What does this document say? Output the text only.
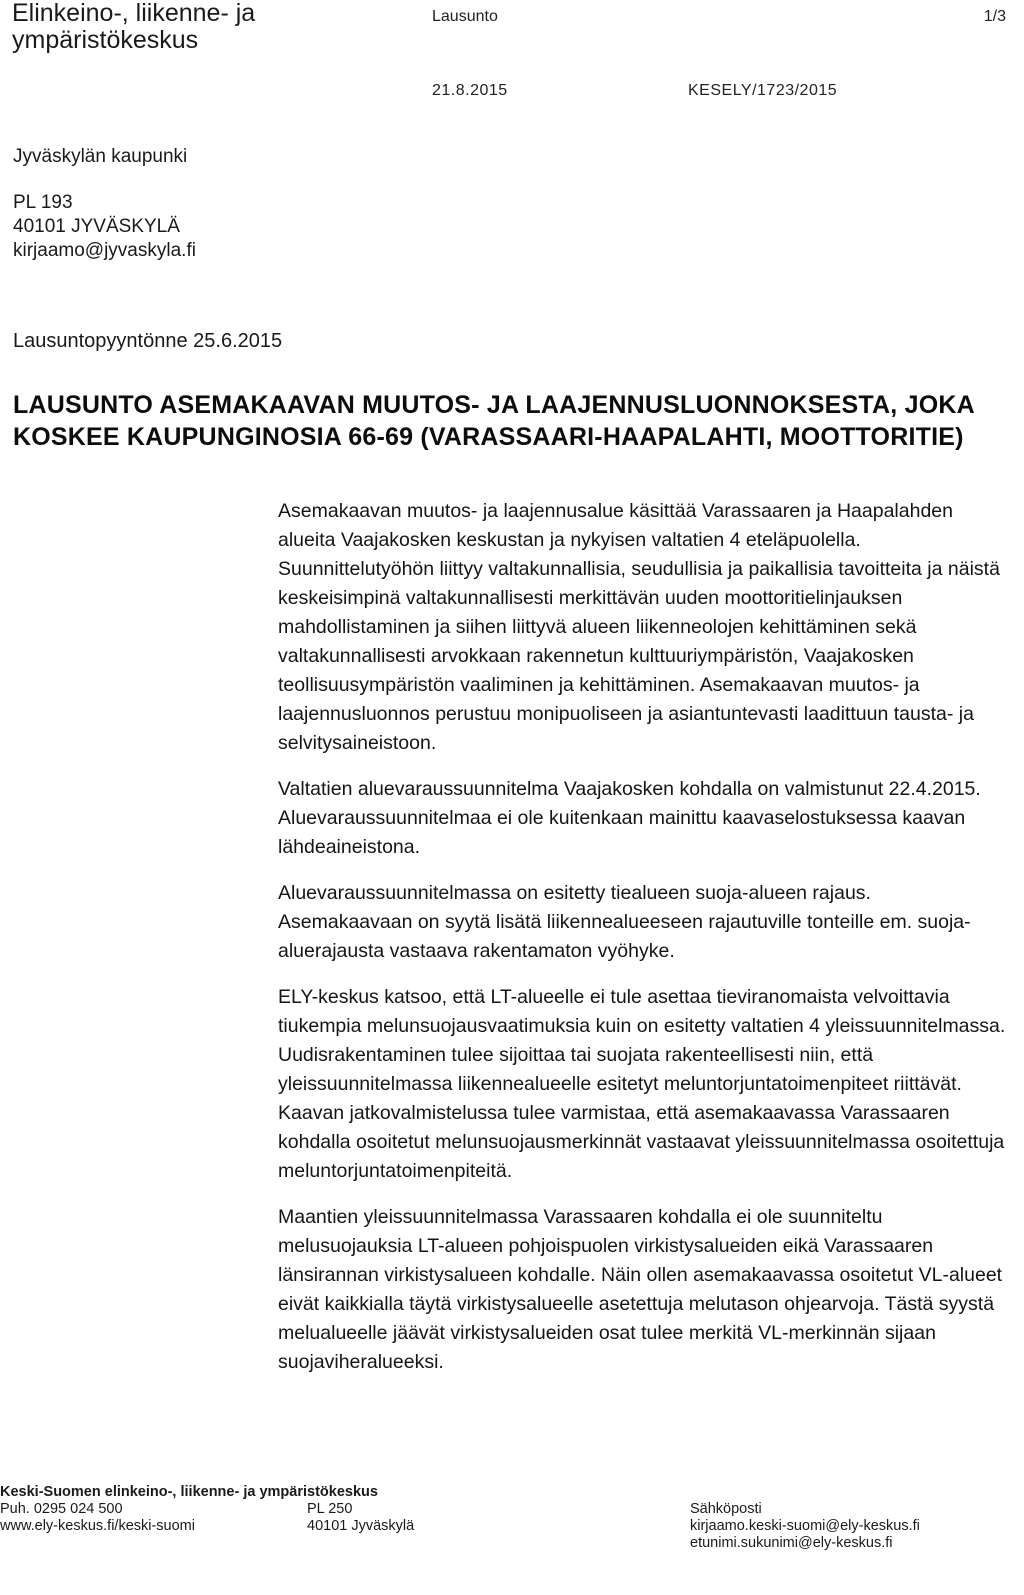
Elinkeino-, liikenne- ja
ympäristökeskus
Lausunto	1/3
21.8.2015	KESELY/1723/2015
Jyväskylän kaupunki
PL 193
40101 JYVÄSKYLÄ
kirjaamo@jyvaskyla.fi
Lausuntopyyntönne 25.6.2015
LAUSUNTO ASEMAKAAVAN MUUTOS- JA LAAJENNUSLUONNOKSESTA, JOKA KOSKEE KAUPUNGINOSIA 66-69 (VARASSAARI-HAAPALAHTI, MOOTTORITIE)

Asemakaavan muutos- ja laajennusalue käsittää Varassaaren ja Haapalahden alueita Vaajakosken keskustan ja nykyisen valtatien 4 eteläpuolella. Suunnittelutyöhön liittyy valtakunnallisia, seudullisia ja paikallisia tavoitteita ja näistä keskeisimpinä valtakunnallisesti merkittävän uuden moottoritielinjauksen mahdollistaminen ja siihen liittyvä alueen liikenneolojen kehittäminen sekä valtakunnallisesti arvokkaan rakennetun kulttuuriympäristön, Vaajakosken teollisuusympäristön vaaliminen ja kehittäminen. Asemakaavan muutos- ja laajennusluonnos perustuu monipuoliseen ja asiantuntevasti laadittuun tausta- ja selvitysaineistoon.

Valtatien aluevaraussuunnitelma Vaajakosken kohdalla on valmistunut 22.4.2015. Aluevaraussuunnitelmaa ei ole kuitenkaan mainittu kaavaselostuksessa kaavan lähdeaineistona.

Aluevaraussuunnitelmassa on esitetty tiealueen suoja-alueen rajaus. Asemakaavaan on syytä lisätä liikennealueeseen rajautuville tonteille em. suoja-aluerajausta vastaava rakentamaton vyöhyke.

ELY-keskus katsoo, että LT-alueelle ei tule asettaa tieviranomaista velvoittavia tiukempia melunsuojausvaatimuksia kuin on esitetty valtatien 4 yleissuunnitelmassa. Uudisrakentaminen tulee sijoittaa tai suojata rakenteellisesti niin, että yleissuunnitelmassa liikennealueelle esitetyt meluntorjuntatoimenpiteet riittävät. Kaavan jatkovalmistelussa tulee varmistaa, että asemakaavassa Varassaaren kohdalla osoitetut melunsuojausmerkinnät vastaavat yleissuunnitelmassa osoitettuja meluntorjuntatoimenpiteitä.

Maantien yleissuunnitelmassa Varassaaren kohdalla ei ole suunniteltu melusuojauksia LT-alueen pohjoispuolen virkistysalueiden eikä Varassaaren länsirannan virkistysalueen kohdalle. Näin ollen asemakaavassa osoitetut VL-alueet eivät kaikkialla täytä virkistysalueelle asetettuja melutason ohjearvoja. Tästä syystä melualueelle jäävät virkistysalueiden osat tulee merkitä VL-merkinnän sijaan suojaviheralueeksi.

Keski-Suomen elinkeino-, liikenne- ja ympäristökeskus
Puh. 0295 024 500
www.ely-keskus.fi/keski-suomi
PL 250
40101 Jyväskylä
Sähköposti
kirjaamo.keski-suomi@ely-keskus.fi
etunimi.sukunimi@ely-keskus.fi
